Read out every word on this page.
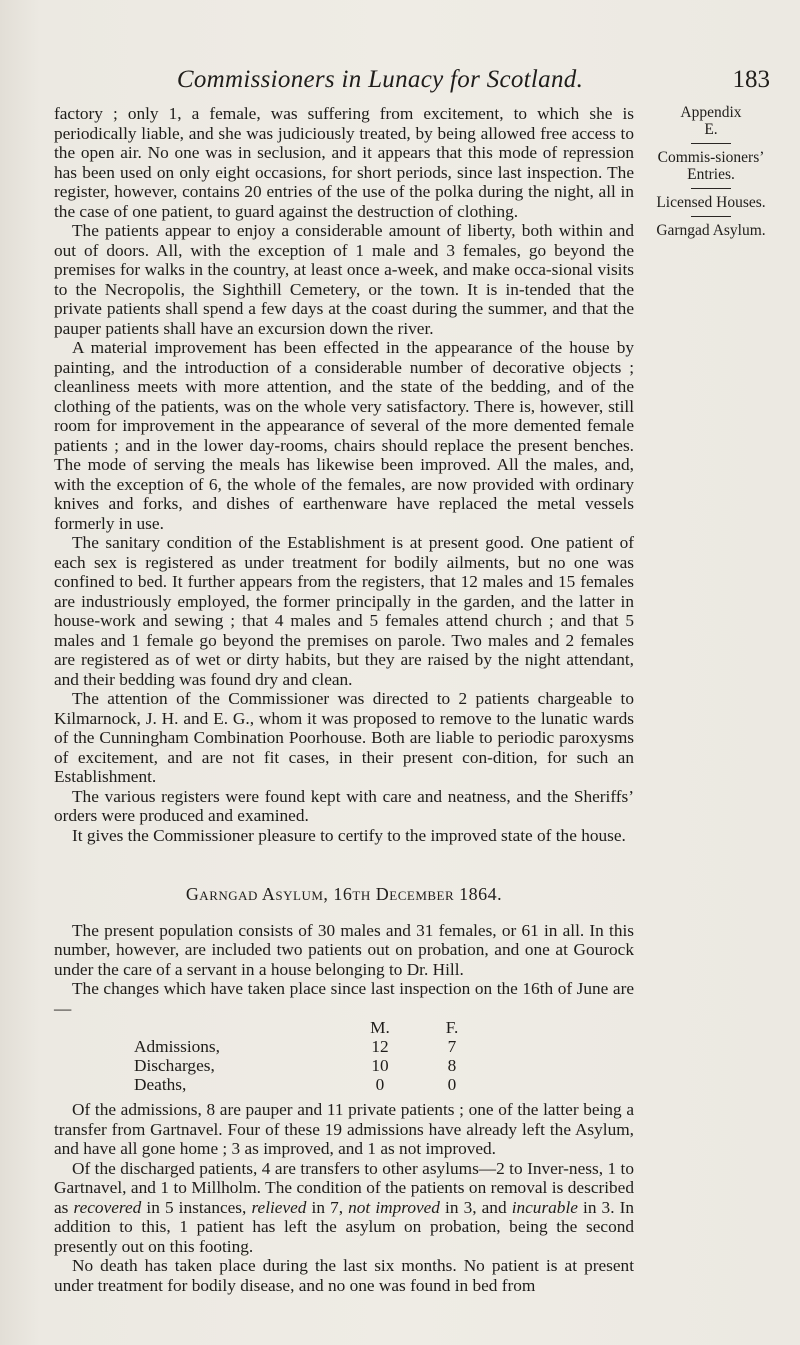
Commissioners in Lunacy for Scotland.	183

factory ; only 1, a female, was suffering from excitement, to which she is periodically liable, and she was judiciously treated, by being allowed free access to the open air. No one was in seclusion, and it appears that this mode of repression has been used on only eight occasions, for short periods, since last inspection. The register, however, contains 20 entries of the use of the polka during the night, all in the case of one patient, to guard against the destruction of clothing.

The patients appear to enjoy a considerable amount of liberty, both within and out of doors. All, with the exception of 1 male and 3 females, go beyond the premises for walks in the country, at least once a-week, and make occa-sional visits to the Necropolis, the Sighthill Cemetery, or the town. It is in-tended that the private patients shall spend a few days at the coast during the summer, and that the pauper patients shall have an excursion down the river.

A material improvement has been effected in the appearance of the house by painting, and the introduction of a considerable number of decorative objects ; cleanliness meets with more attention, and the state of the bedding, and of the clothing of the patients, was on the whole very satisfactory. There is, however, still room for improvement in the appearance of several of the more demented female patients ; and in the lower day-rooms, chairs should replace the present benches. The mode of serving the meals has likewise been improved. All the males, and, with the exception of 6, the whole of the females, are now provided with ordinary knives and forks, and dishes of earthenware have replaced the metal vessels formerly in use.

The sanitary condition of the Establishment is at present good. One patient of each sex is registered as under treatment for bodily ailments, but no one was confined to bed. It further appears from the registers, that 12 males and 15 females are industriously employed, the former principally in the garden, and the latter in house-work and sewing ; that 4 males and 5 females attend church ; and that 5 males and 1 female go beyond the premises on parole. Two males and 2 females are registered as of wet or dirty habits, but they are raised by the night attendant, and their bedding was found dry and clean.

The attention of the Commissioner was directed to 2 patients chargeable to Kilmarnock, J. H. and E. G., whom it was proposed to remove to the lunatic wards of the Cunningham Combination Poorhouse. Both are liable to periodic paroxysms of excitement, and are not fit cases, in their present con-dition, for such an Establishment.

The various registers were found kept with care and neatness, and the Sheriffs’ orders were produced and examined.

It gives the Commissioner pleasure to certify to the improved state of the house.

Garngad Asylum, 16th December 1864.

The present population consists of 30 males and 31 females, or 61 in all. In this number, however, are included two patients out on probation, and one at Gourock under the care of a servant in a house belonging to Dr. Hill.

The changes which have taken place since last inspection on the 16th of June are—

	M.	F.
Admissions,	12	7
Discharges,	10	8
Deaths,	0	0

Of the admissions, 8 are pauper and 11 private patients ; one of the latter being a transfer from Gartnavel. Four of these 19 admissions have already left the Asylum, and have all gone home ; 3 as improved, and 1 as not improved.

Of the discharged patients, 4 are transfers to other asylums—2 to Inver-ness, 1 to Gartnavel, and 1 to Millholm. The condition of the patients on removal is described as recovered in 5 instances, relieved in 7, not improved in 3, and incurable in 3. In addition to this, 1 patient has left the asylum on probation, being the second presently out on this footing.

No death has taken place during the last six months. No patient is at present under treatment for bodily disease, and no one was found in bed from

Appendix
E.
Commis-sioners’ Entries.
Licensed Houses.
Garngad Asylum.
